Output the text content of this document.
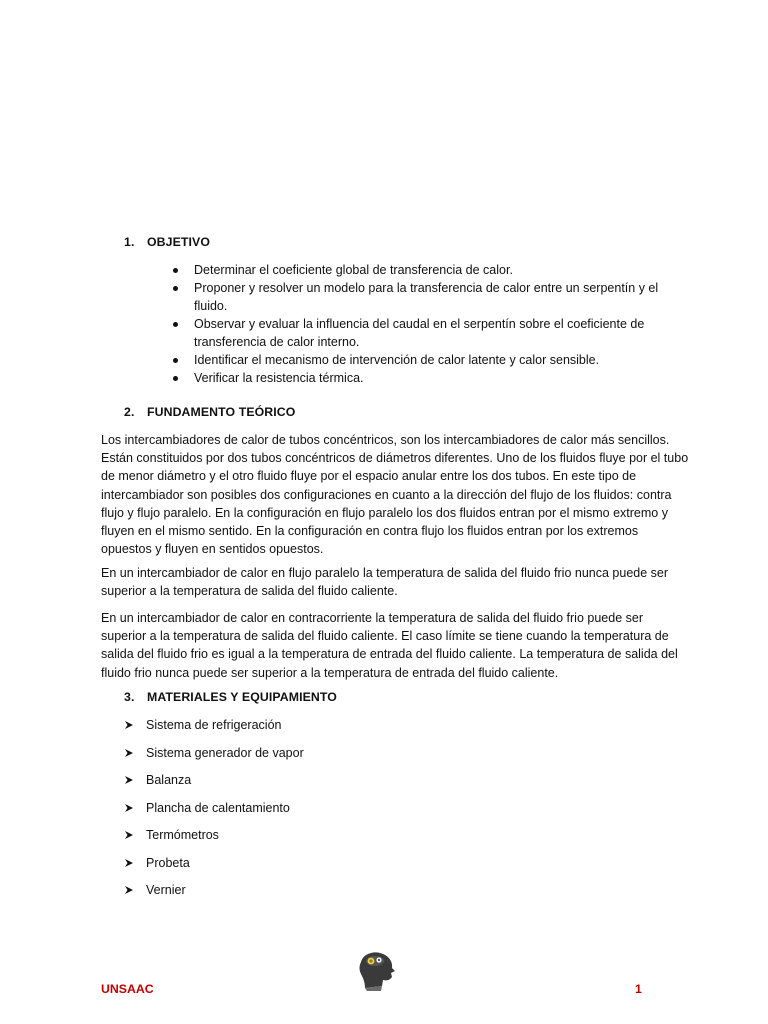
1. OBJETIVO
Determinar el coeficiente global de transferencia de calor.
Proponer y resolver un modelo para la transferencia de calor entre un serpentín y el fluido.
Observar y evaluar la influencia del caudal en el serpentín sobre el coeficiente de transferencia de calor interno.
Identificar el mecanismo de intervención de calor latente y calor sensible.
Verificar la resistencia térmica.
2. FUNDAMENTO TEÓRICO

Los intercambiadores de calor de tubos concéntricos, son los intercambiadores de calor más sencillos. Están constituidos por dos tubos concéntricos de diámetros diferentes. Uno de los fluidos fluye por el tubo de menor diámetro y el otro fluido fluye por el espacio anular entre los dos tubos. En este tipo de intercambiador son posibles dos configuraciones en cuanto a la dirección del flujo de los fluidos: contra flujo y flujo paralelo. En la configuración en flujo paralelo los dos fluidos entran por el mismo extremo y fluyen en el mismo sentido. En la configuración en contra flujo los fluidos entran por los extremos opuestos y fluyen en sentidos opuestos.

En un intercambiador de calor en flujo paralelo la temperatura de salida del fluido frio nunca puede ser superior a la temperatura de salida del fluido caliente.

En un intercambiador de calor en contracorriente la temperatura de salida del fluido frio puede ser superior a la temperatura de salida del fluido caliente. El caso límite se tiene cuando la temperatura de salida del fluido frio es igual a la temperatura de entrada del fluido caliente. La temperatura de salida del fluido frio nunca puede ser superior a la temperatura de entrada del fluido caliente.

3. MATERIALES Y EQUIPAMIENTO
Sistema de refrigeración
Sistema generador de vapor
Balanza
Plancha de calentamiento
Termómetros
Probeta
Vernier
UNSAAC	1
